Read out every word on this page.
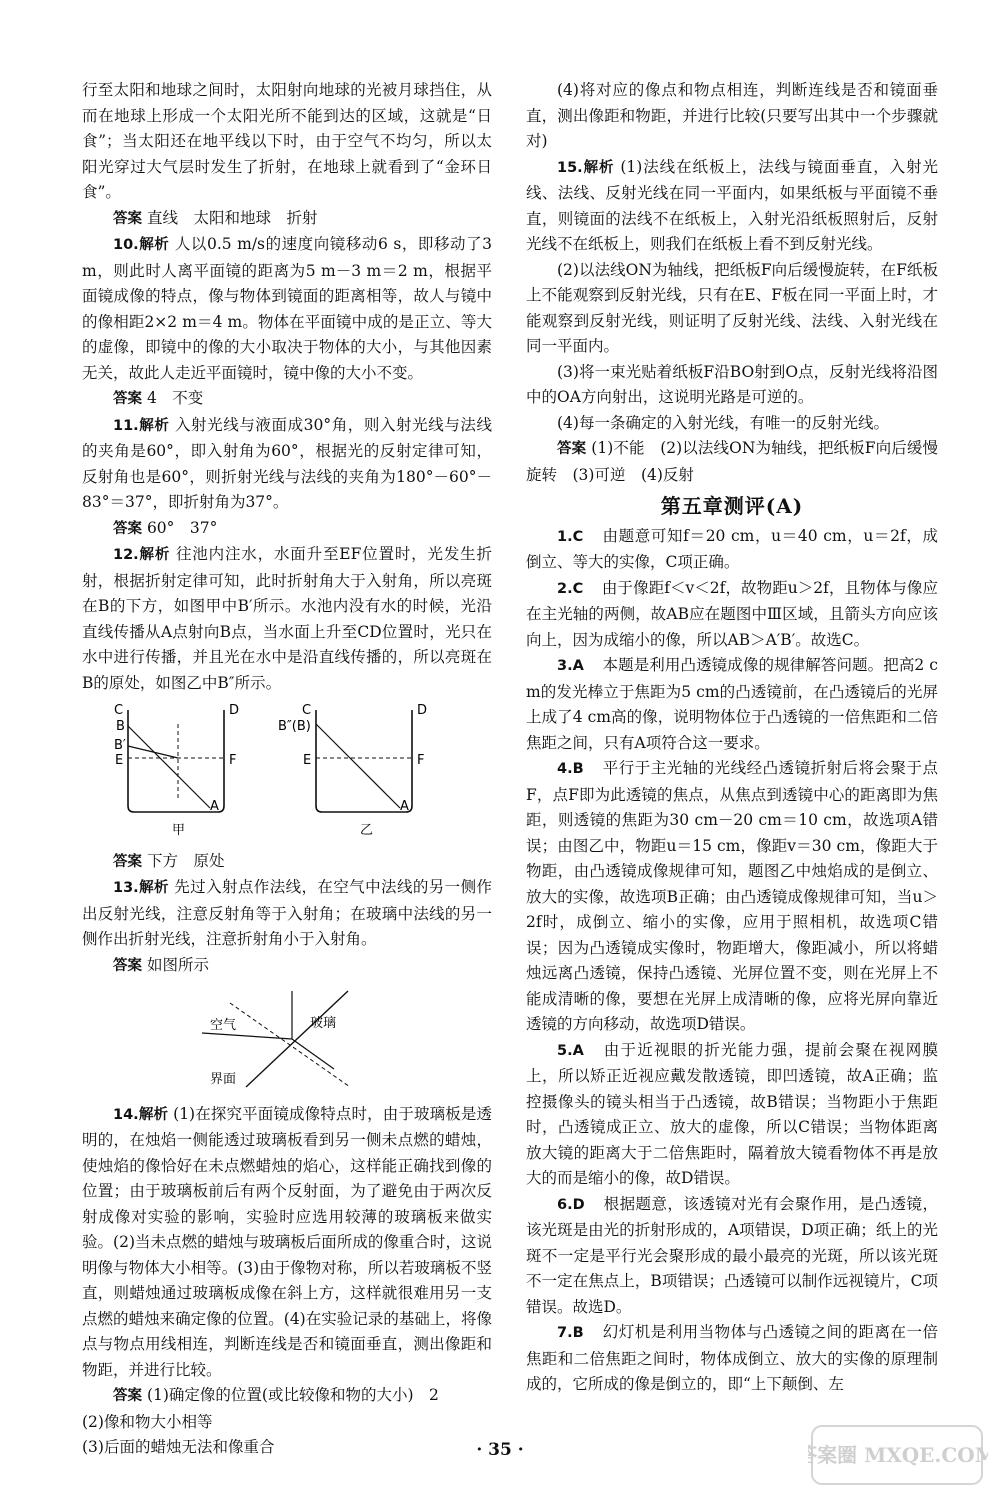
行至太阳和地球之间时，太阳射向地球的光被月球挡住，从而在地球上形成一个太阳光所不能到达的区域，这就是“日食”；当太阳还在地平线以下时，由于空气不均匀，所以太阳光穿过大气层时发生了折射，在地球上就看到了“金环日食”。

答案 直线　太阳和地球　折射

10.解析 人以0.5 m/s的速度向镜移动6 s，即移动了3 m，则此时人离平面镜的距离为5 m－3 m＝2 m，根据平面镜成像的特点，像与物体到镜面的距离相等，故人与镜中的像相距2×2 m＝4 m。物体在平面镜中成的是正立、等大的虚像，即镜中的像的大小取决于物体的大小，与其他因素无关，故此人走近平面镜时，镜中像的大小不变。

答案 4　不变

11.解析 入射光线与液面成30°角，则入射光线与法线的夹角是60°，即入射角为60°，根据光的反射定律可知，反射角也是60°，则折射光线与法线的夹角为180°－60°－83°＝37°，即折射角为37°。

答案 60°　37°

12.解析 往池内注水，水面升至EF位置时，光发生折射，根据折射定律可知，此时折射角大于入射角，所以亮斑在B的下方，如图甲中B′所示。水池内没有水的时候，光沿直线传播从A点射向B点，当水面上升至CD位置时，光只在水中进行传播，并且光在水中是沿直线传播的，所以亮斑在B的原处，如图乙中B″所示。

C	D
B
B′
E	F
A
甲
C	D
B″(B)
E	F
A
乙

答案 下方　原处

13.解析 先过入射点作法线，在空气中法线的另一侧作出反射光线，注意反射角等于入射角；在玻璃中法线的另一侧作出折射光线，注意折射角小于入射角。

答案 如图所示

空气	玻璃
界面

14.解析 (1)在探究平面镜成像特点时，由于玻璃板是透明的，在烛焰一侧能透过玻璃板看到另一侧未点燃的蜡烛，使烛焰的像恰好在未点燃蜡烛的焰心，这样能正确找到像的位置；由于玻璃板前后有两个反射面，为了避免由于两次反射成像对实验的影响，实验时应选用较薄的玻璃板来做实验。(2)当未点燃的蜡烛与玻璃板后面所成的像重合时，这说明像与物体大小相等。(3)由于像物对称，所以若玻璃板不竖直，则蜡烛通过玻璃板成像在斜上方，这样就很难用另一支点燃的蜡烛来确定像的位置。(4)在实验记录的基础上，将像点与物点用线相连，判断连线是否和镜面垂直，测出像距和物距，并进行比较。

答案 (1)确定像的位置(或比较像和物的大小)　2

(2)像和物大小相等

(3)后面的蜡烛无法和像重合

(4)将对应的像点和物点相连，判断连线是否和镜面垂直，测出像距和物距，并进行比较(只要写出其中一个步骤就对)

15.解析 (1)法线在纸板上，法线与镜面垂直，入射光线、法线、反射光线在同一平面内，如果纸板与平面镜不垂直，则镜面的法线不在纸板上，入射光沿纸板照射后，反射光线不在纸板上，则我们在纸板上看不到反射光线。

(2)以法线ON为轴线，把纸板F向后缓慢旋转，在F纸板上不能观察到反射光线，只有在E、F板在同一平面上时，才能观察到反射光线，则证明了反射光线、法线、入射光线在同一平面内。

(3)将一束光贴着纸板F沿BO射到O点，反射光线将沿图中的OA方向射出，这说明光路是可逆的。

(4)每一条确定的入射光线，有唯一的反射光线。

答案 (1)不能　(2)以法线ON为轴线，把纸板F向后缓慢旋转　(3)可逆　(4)反射

第五章测评(A)

1.C 由题意可知f＝20 cm，u＝40 cm，u＝2f，成倒立、等大的实像，C项正确。

2.C 由于像距f＜v＜2f，故物距u＞2f，且物体与像应在主光轴的两侧，故AB应在题图中Ⅲ区域，且箭头方向应该向上，因为成缩小的像，所以AB＞A′B′。故选C。

3.A 本题是利用凸透镜成像的规律解答问题。把高2 cm的发光棒立于焦距为5 cm的凸透镜前，在凸透镜后的光屏上成了4 cm高的像，说明物体位于凸透镜的一倍焦距和二倍焦距之间，只有A项符合这一要求。

4.B 平行于主光轴的光线经凸透镜折射后将会聚于点F，点F即为此透镜的焦点，从焦点到透镜中心的距离即为焦距，则透镜的焦距为30 cm－20 cm＝10 cm，故选项A错误；由图乙中，物距u＝15 cm，像距v＝30 cm，像距大于物距，由凸透镜成像规律可知，题图乙中烛焰成的是倒立、放大的实像，故选项B正确；由凸透镜成像规律可知，当u＞2f时，成倒立、缩小的实像，应用于照相机，故选项C错误；因为凸透镜成实像时，物距增大，像距减小，所以将蜡烛远离凸透镜，保持凸透镜、光屏位置不变，则在光屏上不能成清晰的像，要想在光屏上成清晰的像，应将光屏向靠近透镜的方向移动，故选项D错误。

5.A 由于近视眼的折光能力强，提前会聚在视网膜上，所以矫正近视应戴发散透镜，即凹透镜，故A正确；监控摄像头的镜头相当于凸透镜，故B错误；当物距小于焦距时，凸透镜成正立、放大的虚像，所以C错误；当物体距离放大镜的距离大于二倍焦距时，隔着放大镜看物体不再是放大的而是缩小的像，故D错误。

6.D 根据题意，该透镜对光有会聚作用，是凸透镜，该光斑是由光的折射形成的，A项错误，D项正确；纸上的光斑不一定是平行光会聚形成的最小最亮的光斑，所以该光斑不一定在焦点上，B项错误；凸透镜可以制作远视镜片，C项错误。故选D。

7.B 幻灯机是利用当物体与凸透镜之间的距离在一倍焦距和二倍焦距之间时，物体成倒立、放大的实像的原理制成的，它所成的像是倒立的，即“上下颠倒、左

· 35 ·	答案圈 MXQE.COM
